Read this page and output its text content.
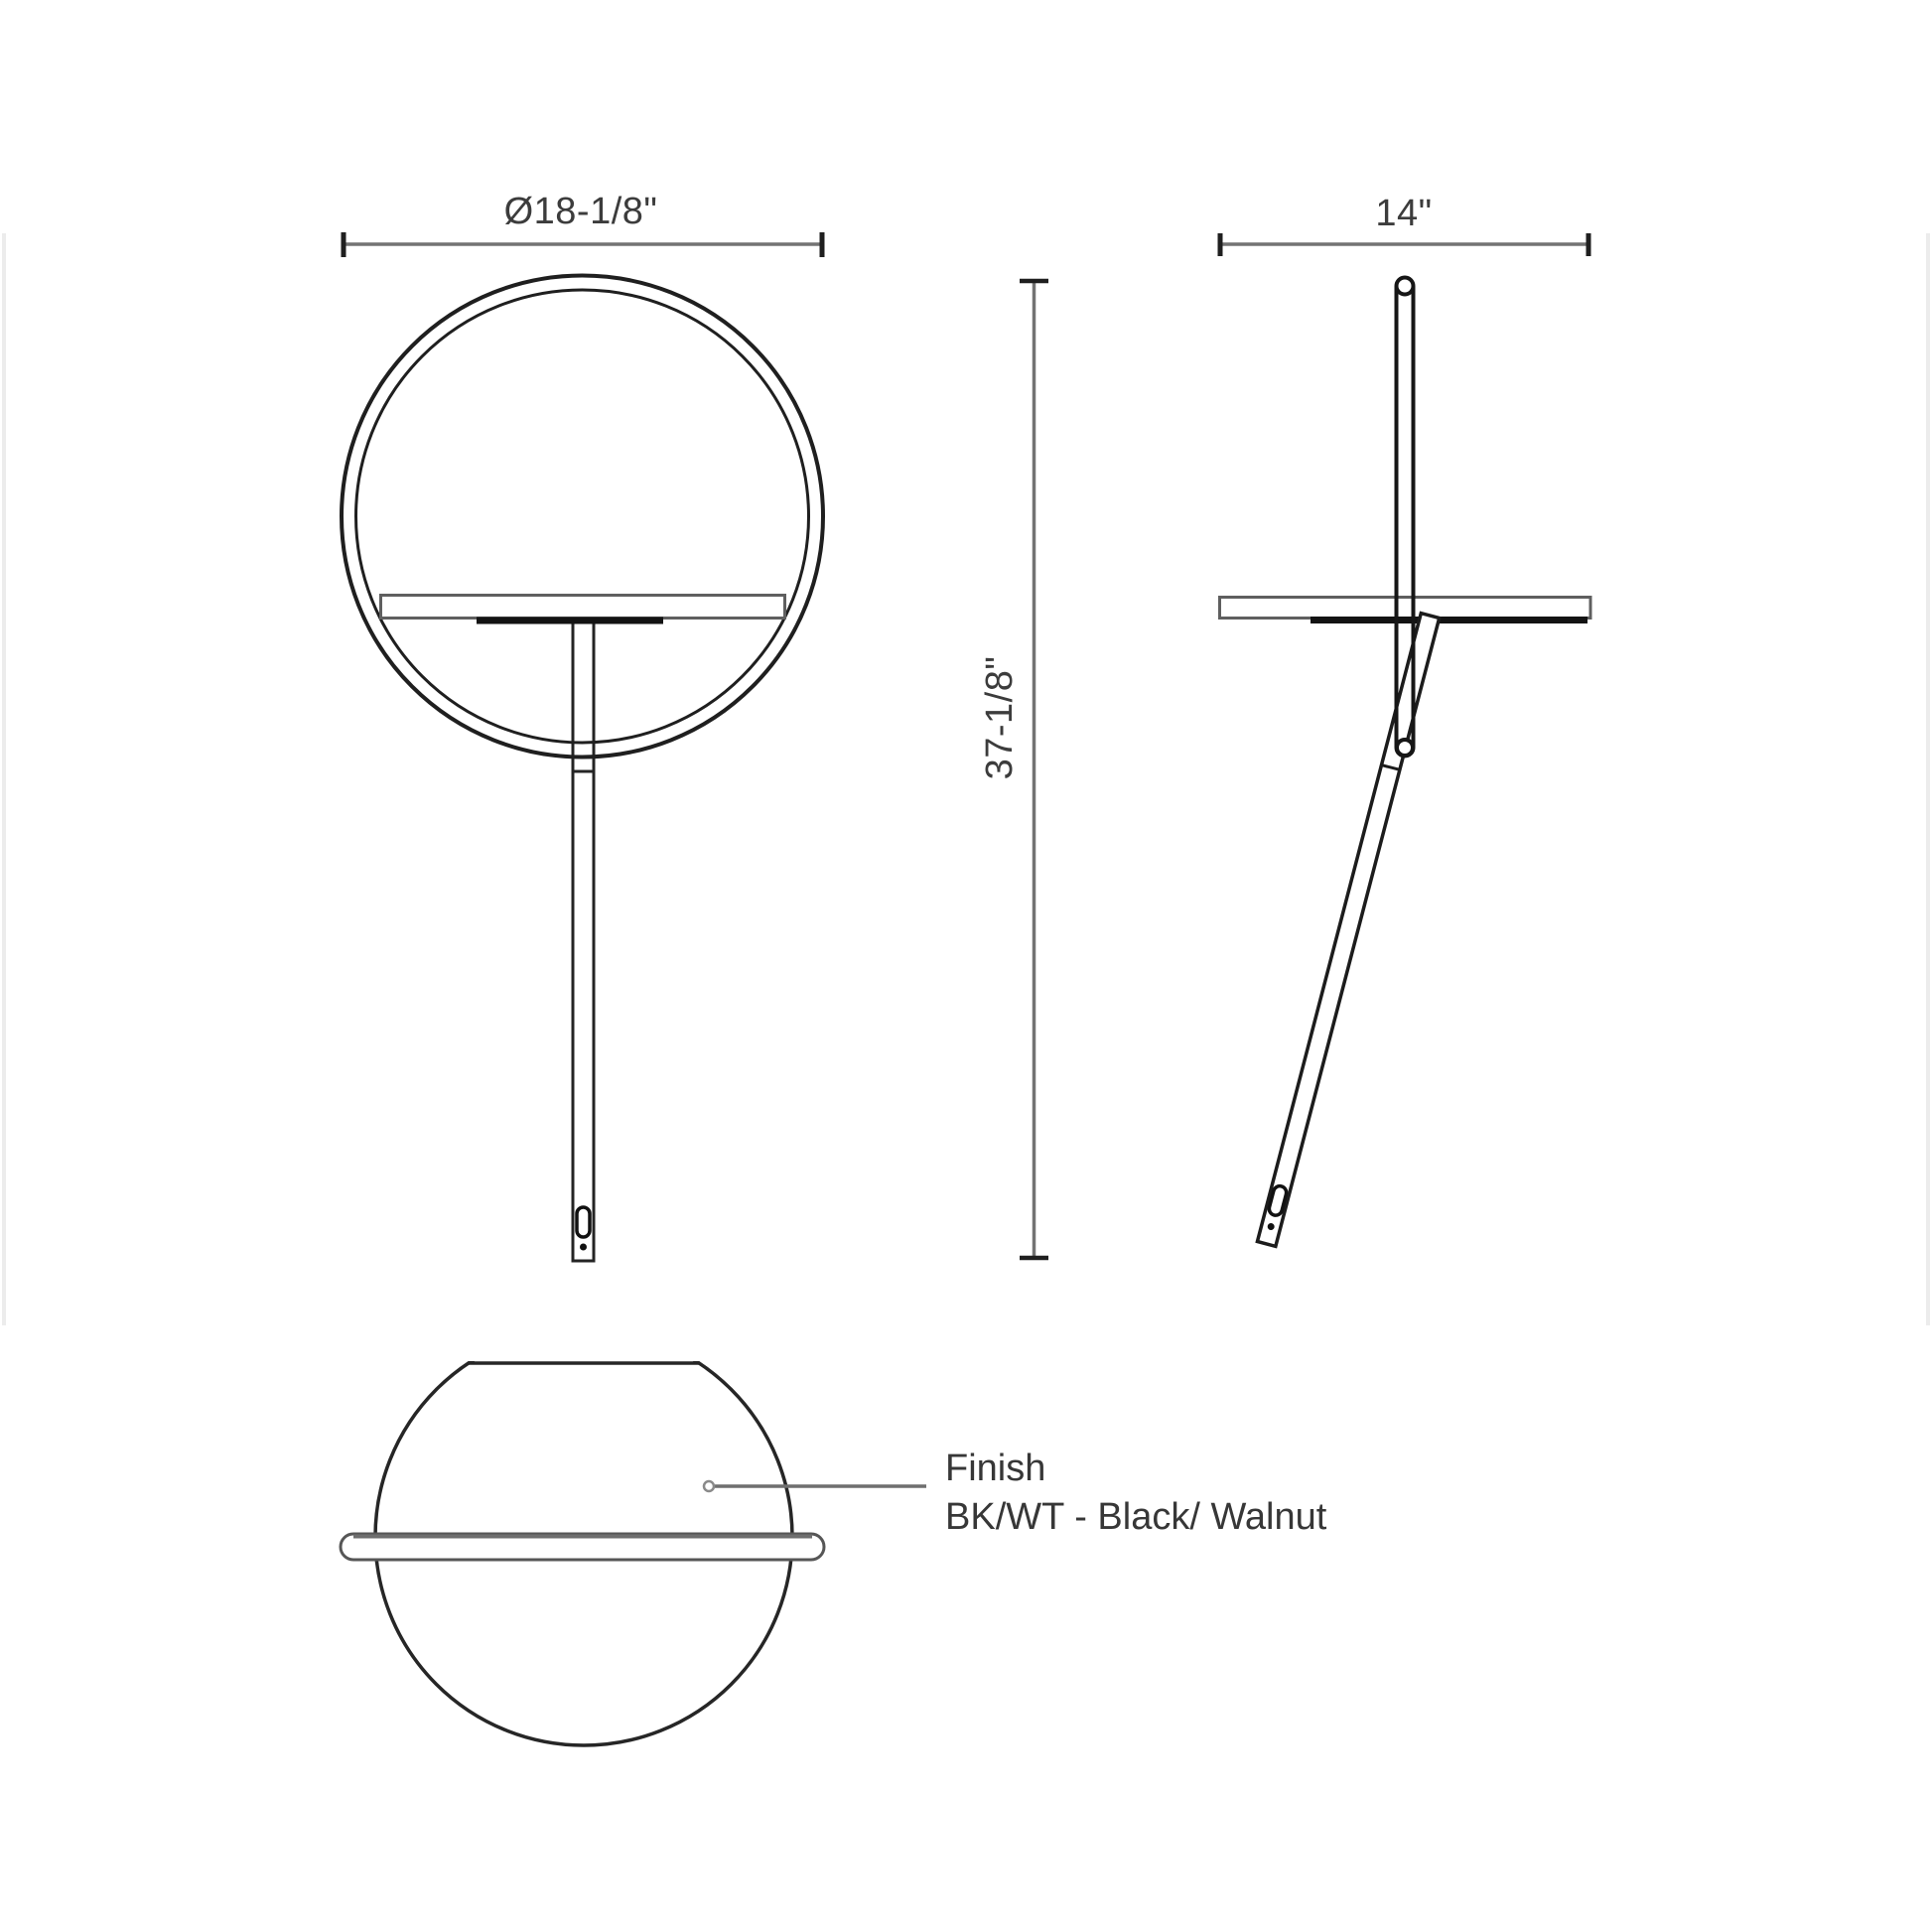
Ø18-1/8"	14"
37-1/8"
Finish
BK/WT - Black/ Walnut
